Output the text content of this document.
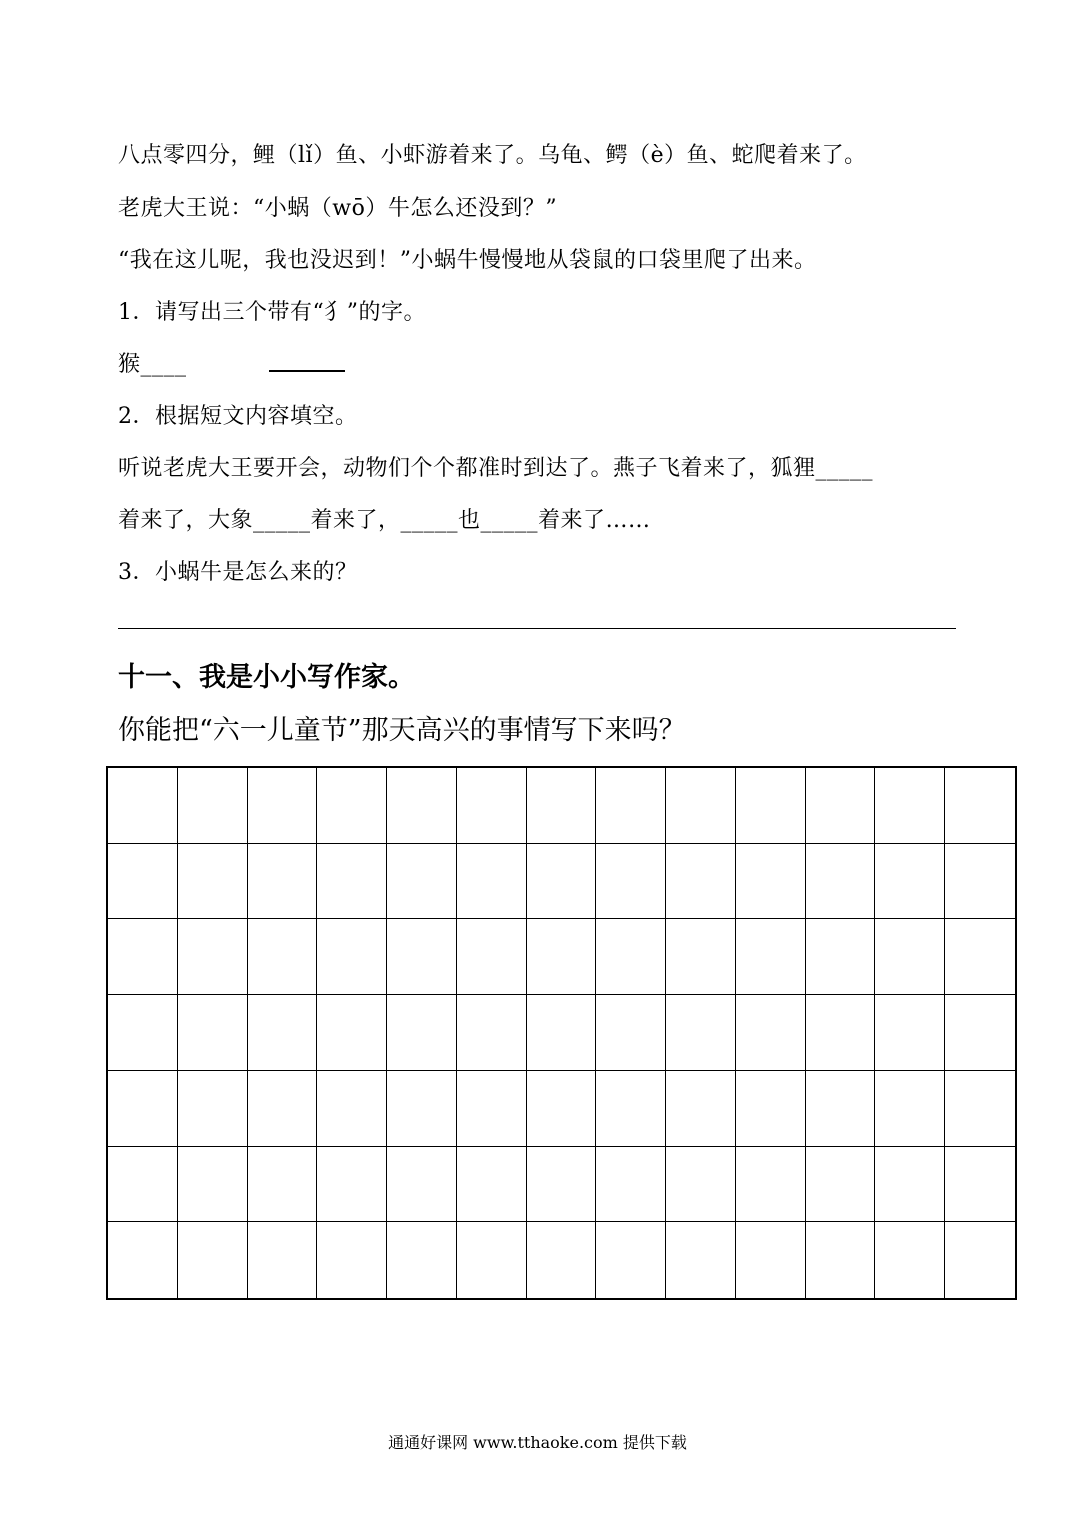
八点零四分，鲤（lǐ）鱼、小虾游着来了。乌龟、鳄（è）鱼、蛇爬着来了。
老虎大王说：“小蜗（wō）牛怎么还没到？”
“我在这儿呢，我也没迟到！”小蜗牛慢慢地从袋鼠的口袋里爬了出来。
1．请写出三个带有“犭”的字。
猴____
2．根据短文内容填空。
听说老虎大王要开会，动物们个个都准时到达了。燕子飞着来了，狐狸_____
着来了，大象_____着来了，_____也_____着来了……
3．小蜗牛是怎么来的？
十一、我是小小写作家。
你能把“六一儿童节”那天高兴的事情写下来吗？
通通好课网 www.tthaoke.com 提供下载
